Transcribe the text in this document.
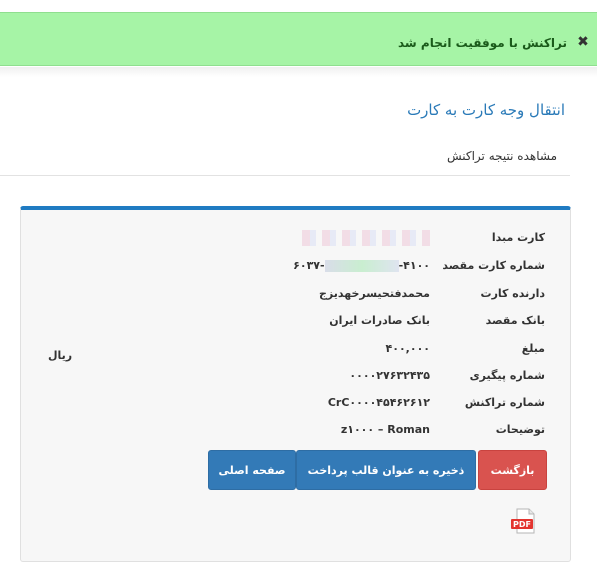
✖
تراکنش با موفقیت انجام شد
انتقال وجه کارت به کارت
مشاهده نتیجه تراکنش
کارت مبدا
شماره کارت مقصد
۶۰۳۷-	-۴۱۰۰
دارنده کارت
محمدفتحیسرخهدیزج
بانک مقصد
بانک صادرات ایران
مبلغ
۴۰۰,۰۰۰
شماره پیگیری
۰۰۰۰۲۷۶۳۲۴۳۵
شماره تراکنش
CrC۰۰۰۰۴۵۴۶۲۶۱۲
توضیحات
z۱۰۰۰ – Roman
ریال
بازگشت
ذخیره به عنوان قالب پرداخت
صفحه اصلی
PDF
